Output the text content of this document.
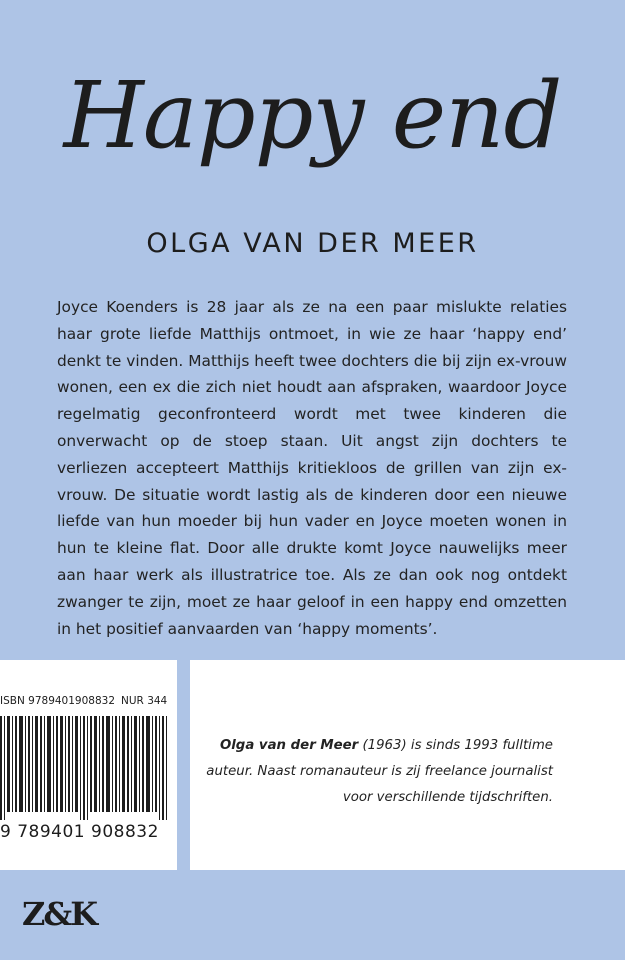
Happy end
OLGA VAN DER MEER
Joyce Koenders is 28 jaar als ze na een paar mislukte relaties haar grote liefde Matthijs ontmoet, in wie ze haar ‘happy end’ denkt te vinden. Matthijs heeft twee dochters die bij zijn ex-vrouw wonen, een ex die zich niet houdt aan afspraken, waardoor Joyce regelmatig geconfronteerd wordt met twee kinderen die onverwacht op de stoep staan. Uit angst zijn dochters te verliezen accepteert Matthijs kritiekloos de grillen van zijn ex-vrouw. De situatie wordt lastig als de kinderen door een nieuwe liefde van hun moeder bij hun vader en Joyce moeten wonen in hun te kleine flat. Door alle drukte komt Joyce nauwelijks meer aan haar werk als illustratrice toe. Als ze dan ook nog ontdekt zwanger te zijn, moet ze haar geloof in een happy end omzetten in het positief aanvaarden van ‘happy moments’.
ISBN 9789401908832 NUR 344
9 789401 908832
Olga van der Meer (1963) is sinds 1993 fulltime auteur. Naast romanauteur is zij freelance journalist voor verschillende tijdschriften.
Z&K
